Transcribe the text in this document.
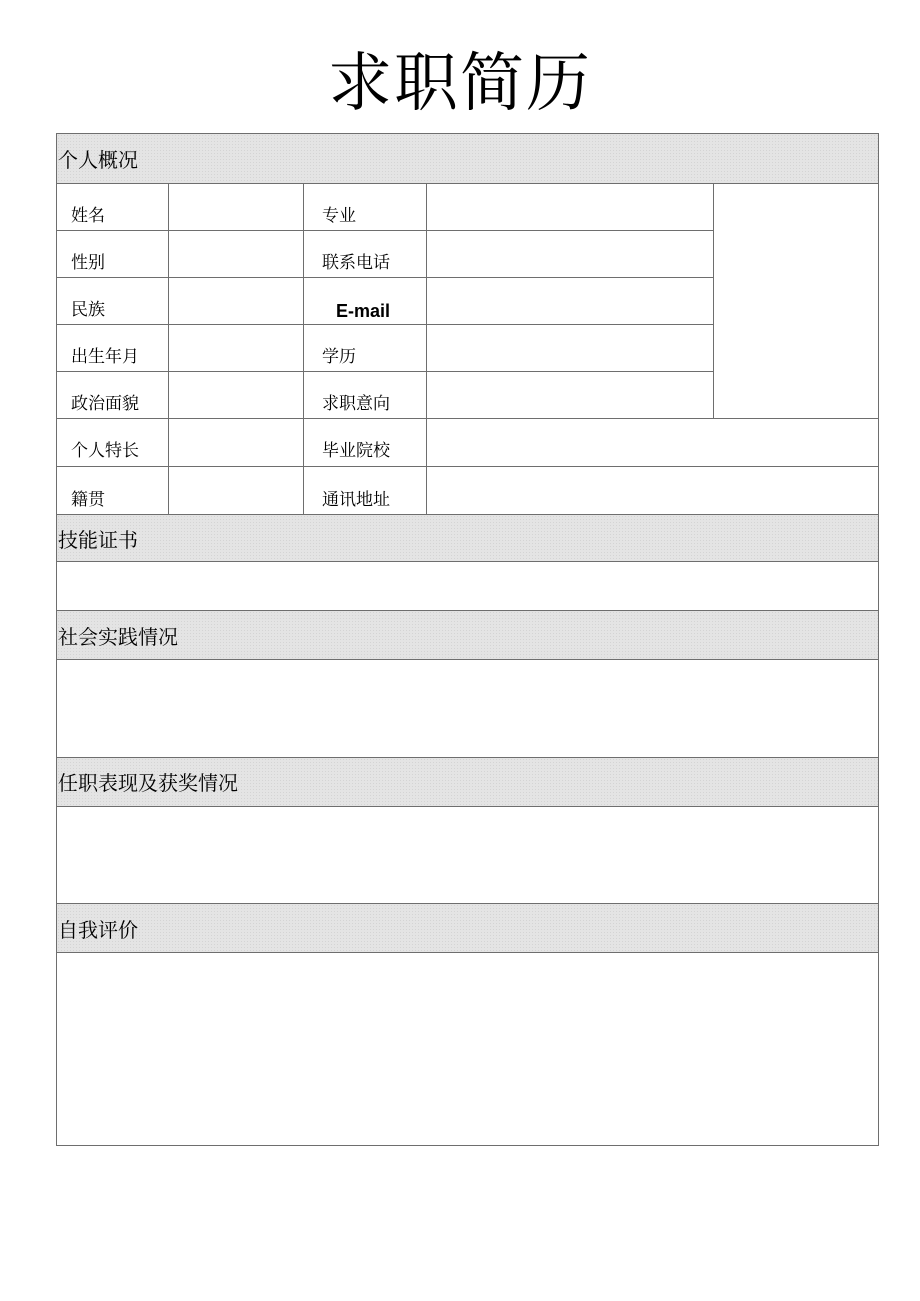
求职简历
个人概况
技能证书
社会实践情况
任职表现及获奖情况
自我评价
姓名
性别
民族
出生年月
政治面貌
个人特长
籍贯
专业
联系电话
E-mail
学历
求职意向
毕业院校
通讯地址
